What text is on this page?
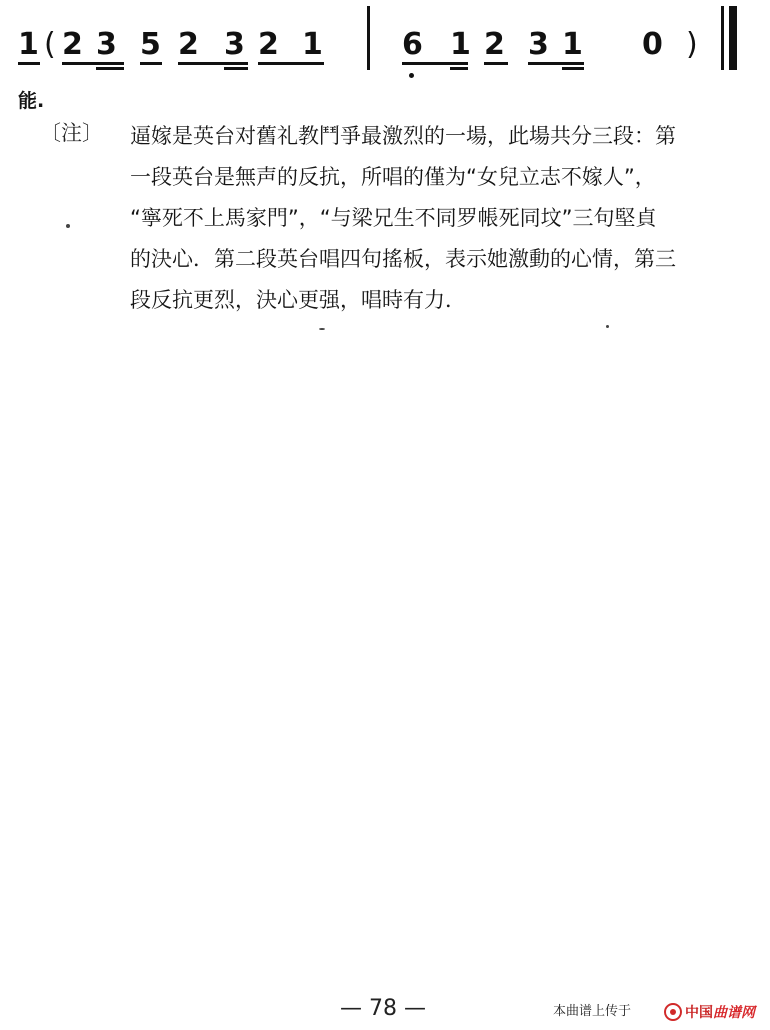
1 ( 2 3 5 2 3 2 1	6 1 2 3 1 0 )
能.
〔注〕 逼嫁是英台对舊礼教鬥爭最激烈的一場，此場共分三段：第
一段英台是無声的反抗，所唱的僅为“女兒立志不嫁人”，
“寧死不上馬家門”，“与梁兄生不同罗帳死同坟”三句堅貞
的決心．第二段英台唱四句搖板，表示她激動的心情，第三
段反抗更烈，決心更强，唱時有力．
— 78 —	本曲谱上传于	中国 曲谱网
